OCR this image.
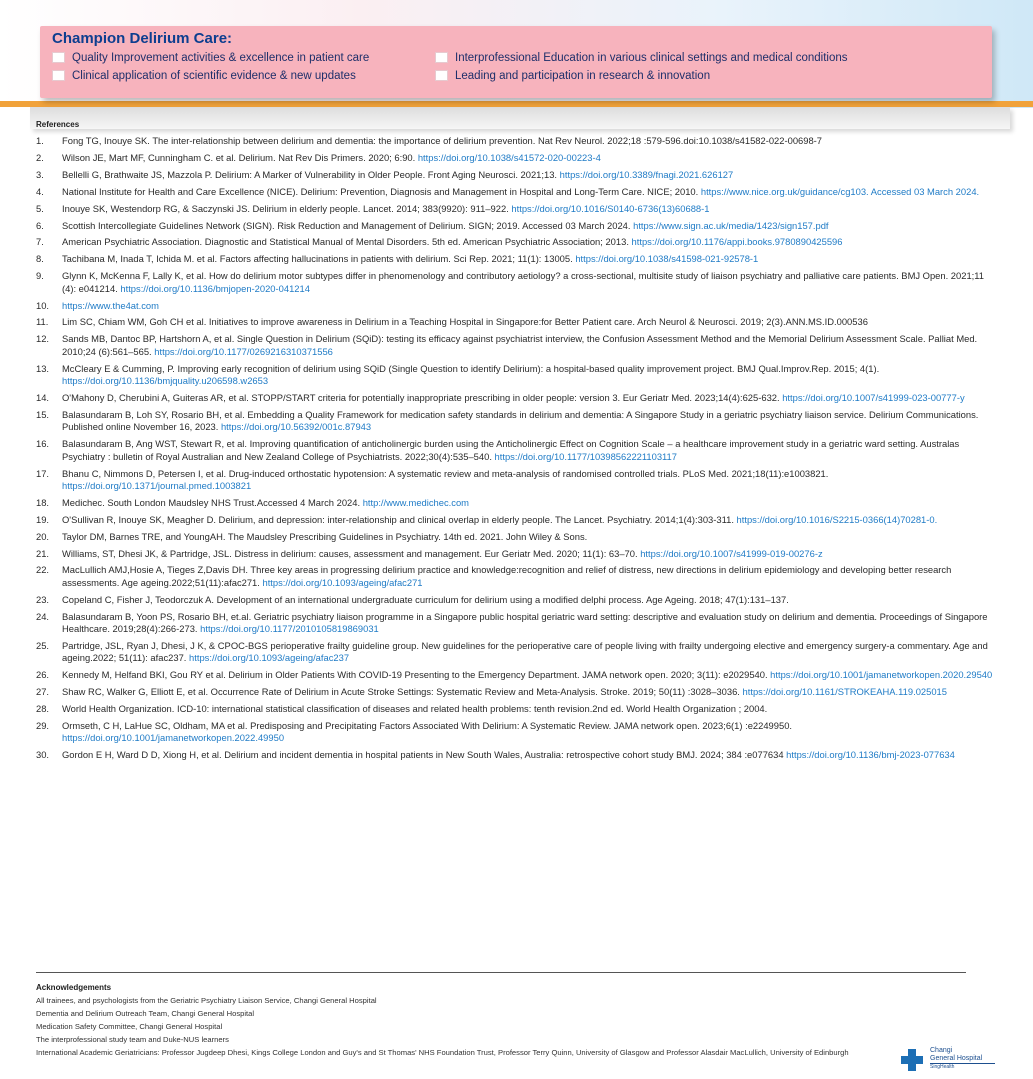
Champion Delirium Care:
Quality Improvement activities & excellence in patient care
Clinical application of scientific evidence & new updates
Interprofessional Education in various clinical settings and medical conditions
Leading and participation in research & innovation
References
1. Fong TG, Inouye SK. The inter-relationship between delirium and dementia: the importance of delirium prevention. Nat Rev Neurol. 2022;18 :579-596.doi:10.1038/s41582-022-00698-7
2. Wilson JE, Mart MF, Cunningham C. et al. Delirium. Nat Rev Dis Primers. 2020; 6:90. https://doi.org/10.1038/s41572-020-00223-4
3. Bellelli G, Brathwaite JS, Mazzola P. Delirium: A Marker of Vulnerability in Older People. Front Aging Neurosci. 2021;13. https://doi.org/10.3389/fnagi.2021.626127
4. National Institute for Health and Care Excellence (NICE). Delirium: Prevention, Diagnosis and Management in Hospital and Long-Term Care. NICE; 2010. https://www.nice.org.uk/guidance/cg103. Accessed 03 March 2024.
5. Inouye SK, Westendorp RG, & Saczynski JS. Delirium in elderly people. Lancet. 2014; 383(9920): 911–922. https://doi.org/10.1016/S0140-6736(13)60688-1
6. Scottish Intercollegiate Guidelines Network (SIGN). Risk Reduction and Management of Delirium. SIGN; 2019. Accessed 03 March 2024. https://www.sign.ac.uk/media/1423/sign157.pdf
7. American Psychiatric Association. Diagnostic and Statistical Manual of Mental Disorders. 5th ed. American Psychiatric Association; 2013. https://doi.org/10.1176/appi.books.9780890425596
8. Tachibana M, Inada T, Ichida M. et al. Factors affecting hallucinations in patients with delirium. Sci Rep. 2021; 11(1): 13005. https://doi.org/10.1038/s41598-021-92578-1
9. Glynn K, McKenna F, Lally K, et al. How do delirium motor subtypes differ in phenomenology and contributory aetiology? a cross-sectional, multisite study of liaison psychiatry and palliative care patients. BMJ Open. 2021;11 (4): e041214. https://doi.org/10.1136/bmjopen-2020-041214
10. https://www.the4at.com
11. Lim SC, Chiam WM, Goh CH et al. Initiatives to improve awareness in Delirium in a Teaching Hospital in Singapore:for Better Patient care. Arch Neurol & Neurosci. 2019; 2(3).ANN.MS.ID.000536
12. Sands MB, Dantoc BP, Hartshorn A, et al. Single Question in Delirium (SQiD): testing its efficacy against psychiatrist interview, the Confusion Assessment Method and the Memorial Delirium Assessment Scale. Palliat Med. 2010;24 (6):561–565. https://doi.org/10.1177/0269216310371556
13. McCleary E & Cumming, P. Improving early recognition of delirium using SQiD (Single Question to identify Delirium): a hospital-based quality improvement project. BMJ Qual.Improv.Rep. 2015; 4(1). https://doi.org/10.1136/bmjquality.u206598.w2653
14. O'Mahony D, Cherubini A, Guiteras AR, et al. STOPP/START criteria for potentially inappropriate prescribing in older people: version 3. Eur Geriatr Med. 2023;14(4):625-632. https://doi.org/10.1007/s41999-023-00777-y
15. Balasundaram B, Loh SY, Rosario BH, et al. Embedding a Quality Framework for medication safety standards in delirium and dementia: A Singapore Study in a geriatric psychiatry liaison service. Delirium Communications. Published online November 16, 2023. https://doi.org/10.56392/001c.87943
16. Balasundaram B, Ang WST, Stewart R, et al. Improving quantification of anticholinergic burden using the Anticholinergic Effect on Cognition Scale – a healthcare improvement study in a geriatric ward setting. Australas Psychiatry : bulletin of Royal Australian and New Zealand College of Psychiatrists. 2022;30(4):535–540. https://doi.org/10.1177/10398562221103117
17. Bhanu C, Nimmons D, Petersen I, et al. Drug-induced orthostatic hypotension: A systematic review and meta-analysis of randomised controlled trials. PLoS Med. 2021;18(11):e1003821. https://doi.org/10.1371/journal.pmed.1003821
18. Medichec. South London Maudsley NHS Trust.Accessed 4 March 2024. http://www.medichec.com
19. O'Sullivan R, Inouye SK, Meagher D. Delirium, and depression: inter-relationship and clinical overlap in elderly people. The Lancet. Psychiatry. 2014;1(4):303-311. https://doi.org/10.1016/S2215-0366(14)70281-0.
20. Taylor DM, Barnes TRE, and YoungAH. The Maudsley Prescribing Guidelines in Psychiatry. 14th ed. 2021. John Wiley & Sons.
21. Williams, ST, Dhesi JK, & Partridge, JSL. Distress in delirium: causes, assessment and management. Eur Geriatr Med. 2020; 11(1): 63–70. https://doi.org/10.1007/s41999-019-00276-z
22. MacLullich AMJ,Hosie A, Tieges Z,Davis DH. Three key areas in progressing delirium practice and knowledge:recognition and relief of distress, new directions in delirium epidemiology and developing better research assessments. Age ageing.2022;51(11):afac271. https://doi.org/10.1093/ageing/afac271
23. Copeland C, Fisher J, Teodorczuk A. Development of an international undergraduate curriculum for delirium using a modified delphi process. Age Ageing. 2018; 47(1):131–137.
24. Balasundaram B, Yoon PS, Rosario BH, et.al. Geriatric psychiatry liaison programme in a Singapore public hospital geriatric ward setting: descriptive and evaluation study on delirium and dementia. Proceedings of Singapore Healthcare. 2019;28(4):266-273. https://doi.org/10.1177/2010105819869031
25. Partridge, JSL, Ryan J, Dhesi, J K, & CPOC-BGS perioperative frailty guideline group. New guidelines for the perioperative care of people living with frailty undergoing elective and emergency surgery-a commentary. Age and ageing.2022; 51(11): afac237. https://doi.org/10.1093/ageing/afac237
26. Kennedy M, Helfand BKI, Gou RY et al. Delirium in Older Patients With COVID-19 Presenting to the Emergency Department. JAMA network open. 2020; 3(11): e2029540. https://doi.org/10.1001/jamanetworkopen.2020.29540
27. Shaw RC, Walker G, Elliott E, et al. Occurrence Rate of Delirium in Acute Stroke Settings: Systematic Review and Meta-Analysis. Stroke. 2019; 50(11) :3028–3036. https://doi.org/10.1161/STROKEAHA.119.025015
28. World Health Organization. ICD-10: international statistical classification of diseases and related health problems: tenth revision.2nd ed. World Health Organization ; 2004.
29. Ormseth, C H, LaHue SC, Oldham, MA et al. Predisposing and Precipitating Factors Associated With Delirium: A Systematic Review. JAMA network open. 2023;6(1) :e2249950. https://doi.org/10.1001/jamanetworkopen.2022.49950
30. Gordon E H, Ward D D, Xiong H, et al. Delirium and incident dementia in hospital patients in New South Wales, Australia: retrospective cohort study BMJ. 2024; 384 :e077634 https://doi.org/10.1136/bmj-2023-077634
Acknowledgements
All trainees, and psychologists from the Geriatric Psychiatry Liaison Service, Changi General Hospital
Dementia and Delirium Outreach Team, Changi General Hospital
Medication Safety Committee, Changi General Hospital
The interprofessional study team and Duke-NUS learners
International Academic Geriatricians: Professor Jugdeep Dhesi, Kings College London and Guy's and St Thomas' NHS Foundation Trust, Professor Terry Quinn, University of Glasgow and Professor Alasdair MacLullich, University of Edinburgh	Changi
General Hospital
SingHealth
